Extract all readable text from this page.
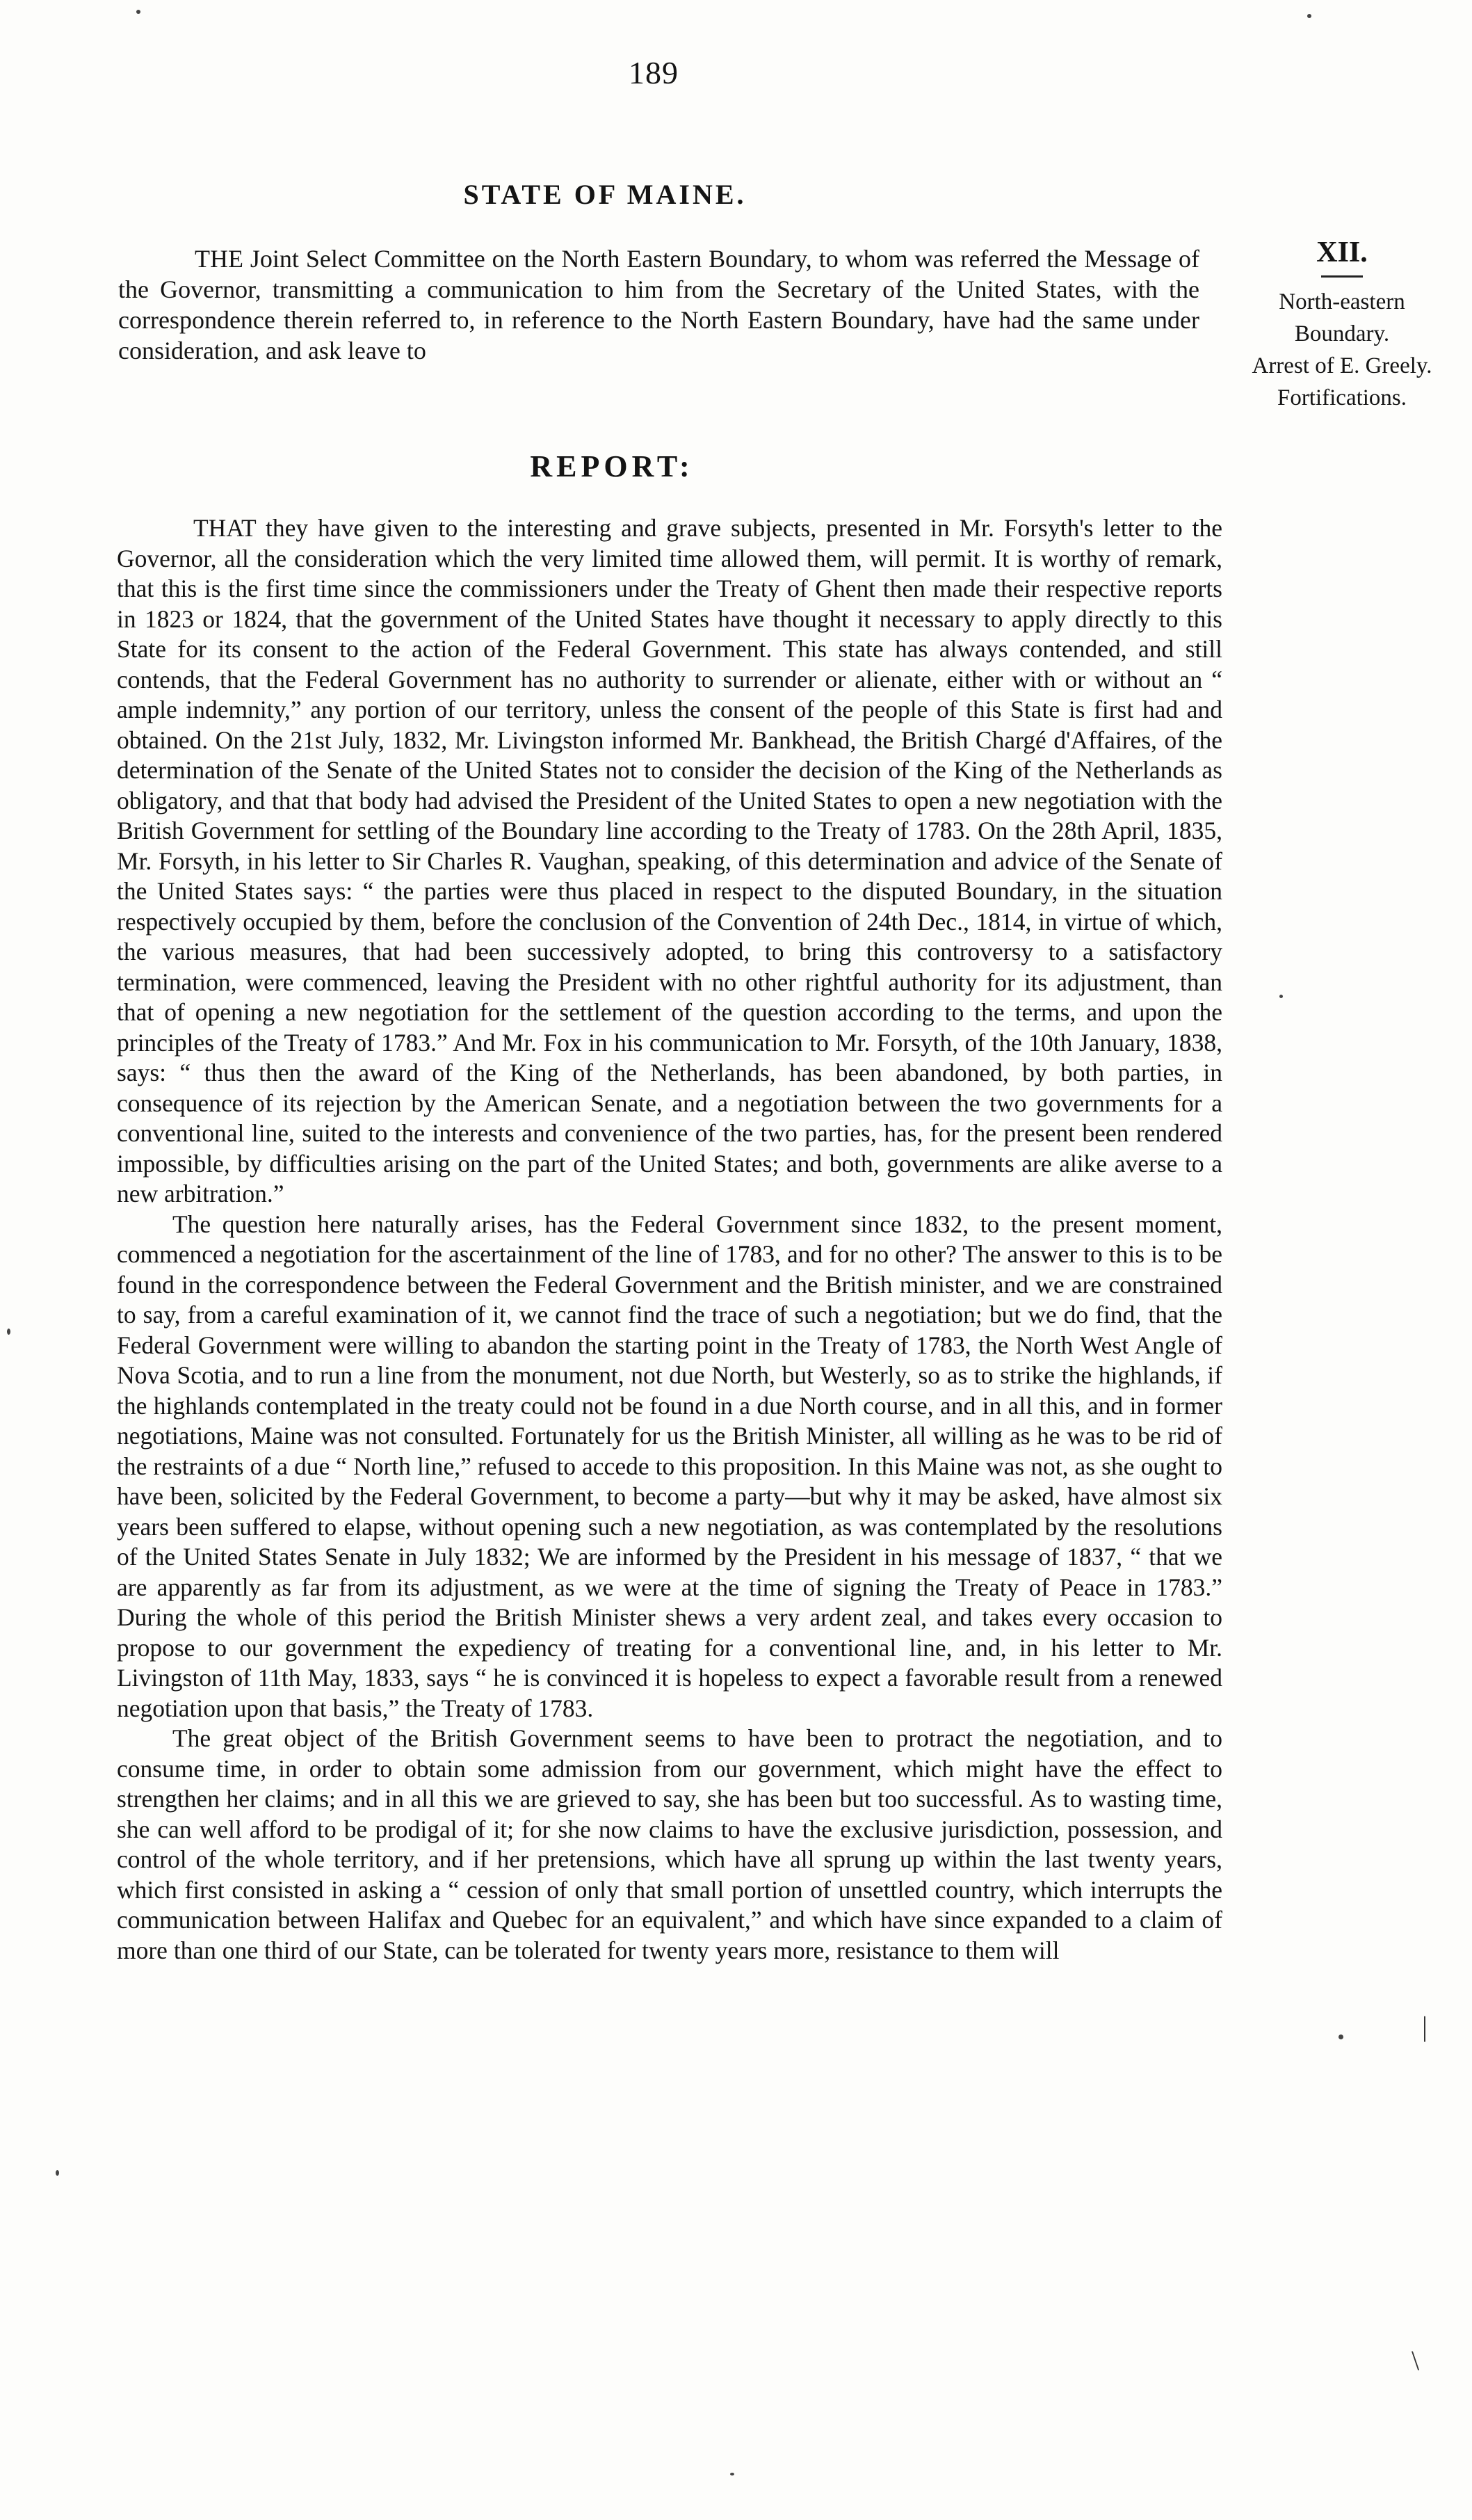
189
STATE OF MAINE.
THE Joint Select Committee on the North Eastern Boundary, to whom was referred the Message of the Governor, transmitting a communication to him from the Secretary of the United States, with the correspondence therein referred to, in reference to the North Eastern Boundary, have had the same under consideration, and ask leave to
REPORT:

THAT they have given to the interesting and grave subjects, presented in Mr. Forsyth's letter to the Governor, all the consideration which the very limited time allowed them, will permit. It is worthy of remark, that this is the first time since the commissioners under the Treaty of Ghent then made their respective reports in 1823 or 1824, that the government of the United States have thought it necessary to apply directly to this State for its consent to the action of the Federal Government. This state has always contended, and still contends, that the Federal Government has no authority to surrender or alienate, either with or without an “ ample indemnity,” any portion of our territory, unless the consent of the people of this State is first had and obtained. On the 21st July, 1832, Mr. Livingston informed Mr. Bankhead, the British Chargé d'Affaires, of the determination of the Senate of the United States not to consider the decision of the King of the Netherlands as obligatory, and that that body had advised the President of the United States to open a new negotiation with the British Government for settling of the Boundary line according to the Treaty of 1783. On the 28th April, 1835, Mr. Forsyth, in his letter to Sir Charles R. Vaughan, speaking, of this determination and advice of the Senate of the United States says: “ the parties were thus placed in respect to the disputed Boundary, in the situation respectively occupied by them, before the conclusion of the Convention of 24th Dec., 1814, in virtue of which, the various measures, that had been successively adopted, to bring this controversy to a satisfactory termination, were commenced, leaving the President with no other rightful authority for its adjustment, than that of opening a new negotiation for the settlement of the question according to the terms, and upon the principles of the Treaty of 1783.” And Mr. Fox in his communication to Mr. Forsyth, of the 10th January, 1838, says: “ thus then the award of the King of the Netherlands, has been abandoned, by both parties, in consequence of its rejection by the American Senate, and a negotiation between the two governments for a conventional line, suited to the interests and convenience of the two parties, has, for the present been rendered impossible, by difficulties arising on the part of the United States; and both, governments are alike averse to a new arbitration.”

The question here naturally arises, has the Federal Government since 1832, to the present moment, commenced a negotiation for the ascertainment of the line of 1783, and for no other? The answer to this is to be found in the correspondence between the Federal Government and the British minister, and we are constrained to say, from a careful examination of it, we cannot find the trace of such a negotiation; but we do find, that the Federal Government were willing to abandon the starting point in the Treaty of 1783, the North West Angle of Nova Scotia, and to run a line from the monument, not due North, but Westerly, so as to strike the highlands, if the highlands contemplated in the treaty could not be found in a due North course, and in all this, and in former negotiations, Maine was not consulted. Fortunately for us the British Minister, all willing as he was to be rid of the restraints of a due “ North line,” refused to accede to this proposition. In this Maine was not, as she ought to have been, solicited by the Federal Government, to become a party—but why it may be asked, have almost six years been suffered to elapse, without opening such a new negotiation, as was contemplated by the resolutions of the United States Senate in July 1832; We are informed by the President in his message of 1837, “ that we are apparently as far from its adjustment, as we were at the time of signing the Treaty of Peace in 1783.” During the whole of this period the British Minister shews a very ardent zeal, and takes every occasion to propose to our government the expediency of treating for a conventional line, and, in his letter to Mr. Livingston of 11th May, 1833, says “ he is convinced it is hopeless to expect a favorable result from a renewed negotiation upon that basis,” the Treaty of 1783.

The great object of the British Government seems to have been to protract the negotiation, and to consume time, in order to obtain some admission from our government, which might have the effect to strengthen her claims; and in all this we are grieved to say, she has been but too successful. As to wasting time, she can well afford to be prodigal of it; for she now claims to have the exclusive jurisdiction, possession, and control of the whole territory, and if her pretensions, which have all sprung up within the last twenty years, which first consisted in asking a “ cession of only that small portion of unsettled country, which interrupts the communication between Halifax and Quebec for an equivalent,” and which have since expanded to a claim of more than one third of our State, can be tolerated for twenty years more, resistance to them will

XII.
North-eastern Boundary.
Arrest of E. Greely.
Fortifications.
|
\
